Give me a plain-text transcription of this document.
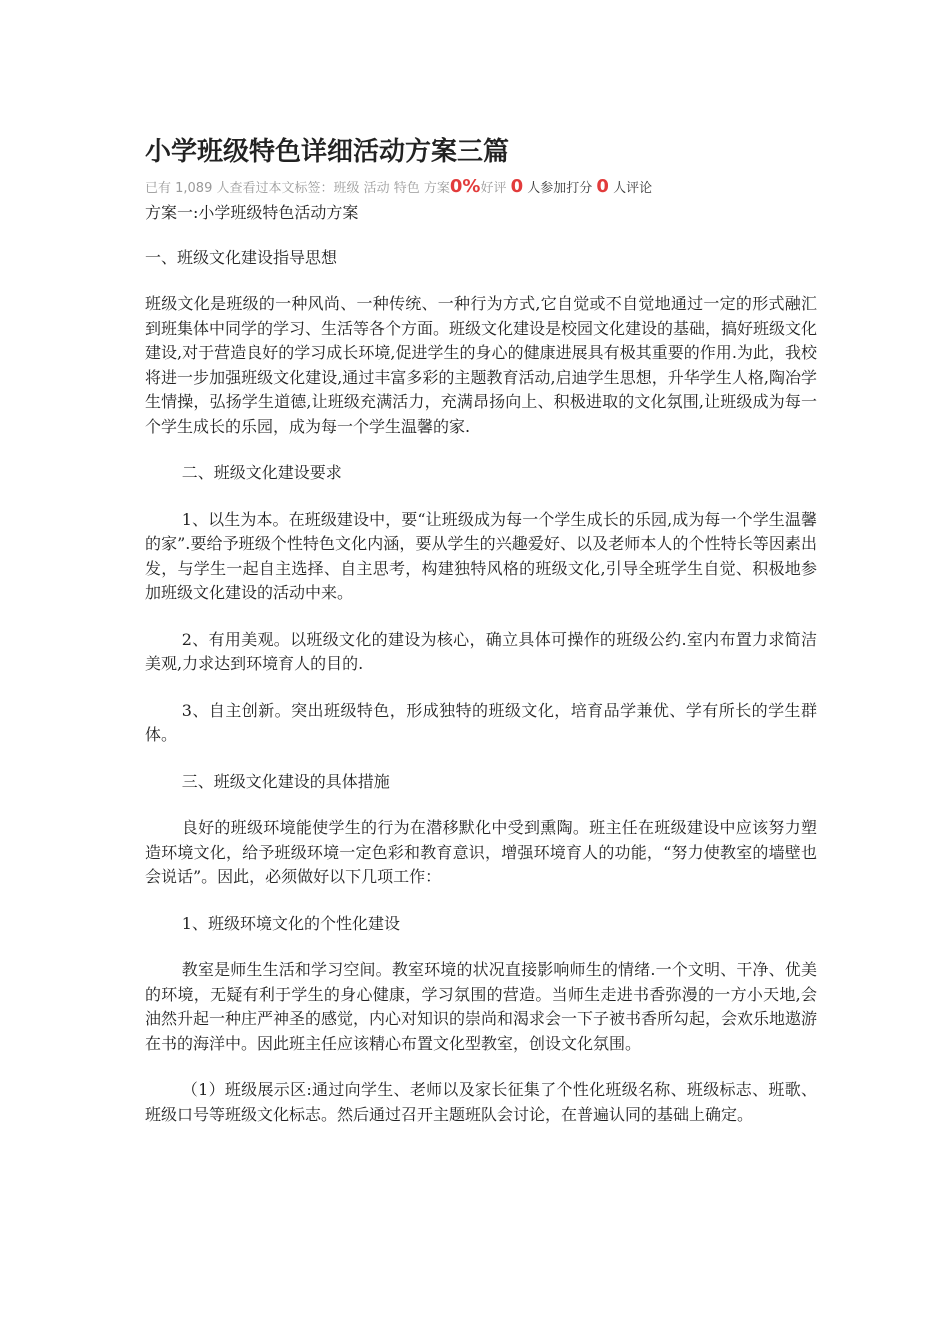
小学班级特色详细活动方案三篇
已有 1,089 人查看过本文标签：班级 活动 特色 方案0%好评 0 人参加打分 0 人评论

方案一:小学班级特色活动方案

一、班级文化建设指导思想

班级文化是班级的一种风尚、一种传统、一种行为方式,它自觉或不自觉地通过一定的形式融汇到班集体中同学的学习、生活等各个方面。班级文化建设是校园文化建设的基础，搞好班级文化建设,对于营造良好的学习成长环境,促进学生的身心的健康进展具有极其重要的作用.为此，我校将进一步加强班级文化建设,通过丰富多彩的主题教育活动,启迪学生思想，升华学生人格,陶冶学生情操，弘扬学生道德,让班级充满活力，充满昂扬向上、积极进取的文化氛围,让班级成为每一个学生成长的乐园，成为每一个学生温馨的家.

二、班级文化建设要求

1、以生为本。在班级建设中，要“让班级成为每一个学生成长的乐园,成为每一个学生温馨的家”.要给予班级个性特色文化内涵，要从学生的兴趣爱好、以及老师本人的个性特长等因素出发，与学生一起自主选择、自主思考，构建独特风格的班级文化,引导全班学生自觉、积极地参加班级文化建设的活动中来。

2、有用美观。以班级文化的建设为核心，确立具体可操作的班级公约.室内布置力求简洁美观,力求达到环境育人的目的.

3、自主创新。突出班级特色，形成独特的班级文化，培育品学兼优、学有所长的学生群体。

三、班级文化建设的具体措施

良好的班级环境能使学生的行为在潜移默化中受到熏陶。班主任在班级建设中应该努力塑造环境文化，给予班级环境一定色彩和教育意识，增强环境育人的功能，“努力使教室的墙壁也会说话”。因此，必须做好以下几项工作：

1、班级环境文化的个性化建设

教室是师生生活和学习空间。教室环境的状况直接影响师生的情绪.一个文明、干净、优美的环境，无疑有利于学生的身心健康，学习氛围的营造。当师生走进书香弥漫的一方小天地,会油然升起一种庄严神圣的感觉，内心对知识的崇尚和渴求会一下子被书香所勾起，会欢乐地遨游在书的海洋中。因此班主任应该精心布置文化型教室，创设文化氛围。

（1）班级展示区:通过向学生、老师以及家长征集了个性化班级名称、班级标志、班歌、班级口号等班级文化标志。然后通过召开主题班队会讨论，在普遍认同的基础上确定。
